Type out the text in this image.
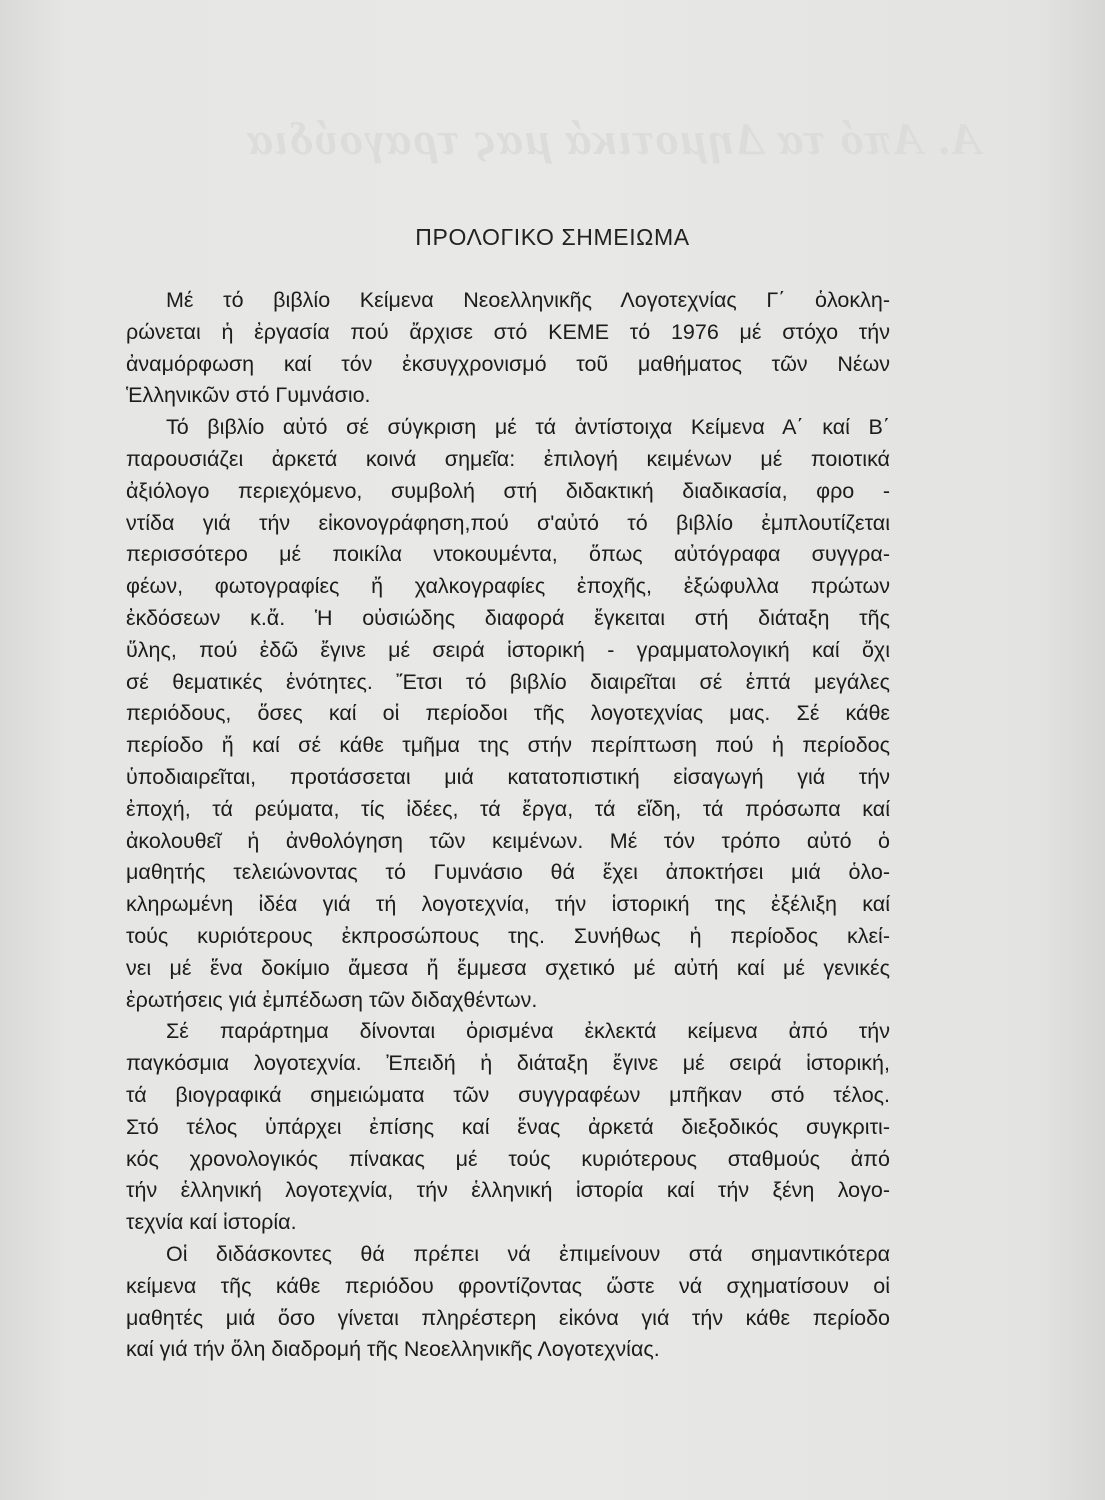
Α. Από τα Δημοτικά μας τραγούδια
ΠΡΟΛΟΓΙΚΟ ΣΗΜΕΙΩΜΑ
Μέ τό βιβλίο Κείμενα Νεοελληνικῆς Λογοτεχνίας Γ΄ ὁλοκλη-
ρώνεται ἡ ἐργασία πού ἄρχισε στό ΚΕΜΕ τό 1976 μέ στόχο τήν
ἀναμόρφωση καί τόν ἐκσυγχρονισμό τοῦ μαθήματος τῶν Νέων
Ἑλληνικῶν στό Γυμνάσιο.
Τό βιβλίο αὐτό σέ σύγκριση μέ τά ἀντίστοιχα Κείμενα Α΄ καί Β΄
παρουσιάζει ἀρκετά κοινά σημεῖα: ἐπιλογή κειμένων μέ ποιοτικά
ἀξιόλογο περιεχόμενο, συμβολή στή διδακτική διαδικασία, φρο -
ντίδα γιά τήν εἰκονογράφηση,πού σ'αὐτό τό βιβλίο ἐμπλουτίζεται
περισσότερο μέ ποικίλα ντοκουμέντα, ὅπως αὐτόγραφα συγγρα-
φέων, φωτογραφίες ἤ χαλκογραφίες ἐποχῆς, ἐξώφυλλα πρώτων
ἐκδόσεων κ.ἄ. Ἡ οὐσιώδης διαφορά ἔγκειται στή διάταξη τῆς
ὕλης, πού ἐδῶ ἔγινε μέ σειρά ἱστορική - γραμματολογική καί ὄχι
σέ θεματικές ἑνότητες. Ἔτσι τό βιβλίο διαιρεῖται σέ ἑπτά μεγάλες
περιόδους, ὅσες καί οἱ περίοδοι τῆς λογοτεχνίας μας. Σέ κάθε
περίοδο ἤ καί σέ κάθε τμῆμα της στήν περίπτωση πού ἡ περίοδος
ὑποδιαιρεῖται, προτάσσεται μιά κατατοπιστική εἰσαγωγή γιά τήν
ἐποχή, τά ρεύματα, τίς ἰδέες, τά ἔργα, τά εἴδη, τά πρόσωπα καί
ἀκολουθεῖ ἡ ἀνθολόγηση τῶν κειμένων. Μέ τόν τρόπο αὐτό ὁ
μαθητής τελειώνοντας τό Γυμνάσιο θά ἔχει ἀποκτήσει μιά ὁλο-
κληρωμένη ἰδέα γιά τή λογοτεχνία, τήν ἱστορική της ἐξέλιξη καί
τούς κυριότερους ἐκπροσώπους της. Συνήθως ἡ περίοδος κλεί-
νει μέ ἕνα δοκίμιο ἄμεσα ἤ ἔμμεσα σχετικό μέ αὐτή καί μέ γενικές
ἐρωτήσεις γιά ἐμπέδωση τῶν διδαχθέντων.
Σέ παράρτημα δίνονται ὁρισμένα ἐκλεκτά κείμενα ἀπό τήν
παγκόσμια λογοτεχνία. Ἐπειδή ἡ διάταξη ἔγινε μέ σειρά ἱστορική,
τά βιογραφικά σημειώματα τῶν συγγραφέων μπῆκαν στό τέλος.
Στό τέλος ὑπάρχει ἐπίσης καί ἕνας ἀρκετά διεξοδικός συγκριτι-
κός χρονολογικός πίνακας μέ τούς κυριότερους σταθμούς ἀπό
τήν ἑλληνική λογοτεχνία, τήν ἑλληνική ἱστορία καί τήν ξένη λογο-
τεχνία καί ἱστορία.
Οἱ διδάσκοντες θά πρέπει νά ἐπιμείνουν στά σημαντικότερα
κείμενα τῆς κάθε περιόδου φροντίζοντας ὥστε νά σχηματίσουν οἱ
μαθητές μιά ὅσο γίνεται πληρέστερη εἰκόνα γιά τήν κάθε περίοδο
καί γιά τήν ὅλη διαδρομή τῆς Νεοελληνικῆς Λογοτεχνίας.
